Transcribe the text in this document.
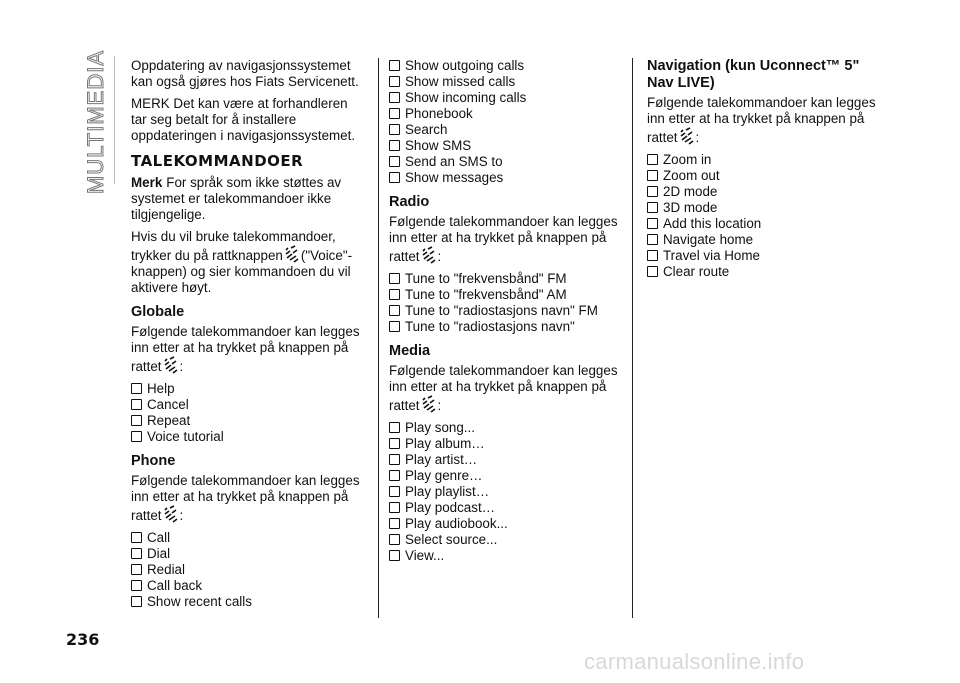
MULTIMEDIA Oppdatering av navigasjonssystemet kan også gjøres hos Fiats Servicenett.

MERK Det kan være at forhandleren tar seg betalt for å installere oppdateringen i navigasjonssystemet.

TALEKOMMANDOER

Merk For språk som ikke støttes av systemet er talekommandoer ikke tilgjengelige.

Hvis du vil bruke talekommandoer, trykker du på rattknappen ("Voice"-knappen) og sier kommandoen du vil aktivere høyt.

Globale

Følgende talekommandoer kan legges inn etter at ha trykket på knappen på rattet :

Help
Cancel
Repeat
Voice tutorial
Phone

Følgende talekommandoer kan legges inn etter at ha trykket på knappen på rattet :

Call
Dial
Redial
Call back
Show recent calls
Show outgoing calls
Show missed calls
Show incoming calls
Phonebook
Search
Show SMS
Send an SMS to
Show messages
Radio

Følgende talekommandoer kan legges inn etter at ha trykket på knappen på rattet :

Tune to "frekvensbånd" FM
Tune to "frekvensbånd" AM
Tune to "radiostasjons navn" FM
Tune to "radiostasjons navn"
Media

Følgende talekommandoer kan legges inn etter at ha trykket på knappen på rattet :

Play song...
Play album…
Play artist…
Play genre…
Play playlist…
Play podcast…
Play audiobook...
Select source...
View...
Navigation (kun Uconnect™ 5" Nav LIVE)

Følgende talekommandoer kan legges inn etter at ha trykket på knappen på rattet :

Zoom in
Zoom out
2D mode
3D mode
Add this location
Navigate home
Travel via Home
Clear route
236
carmanualsonline.info
